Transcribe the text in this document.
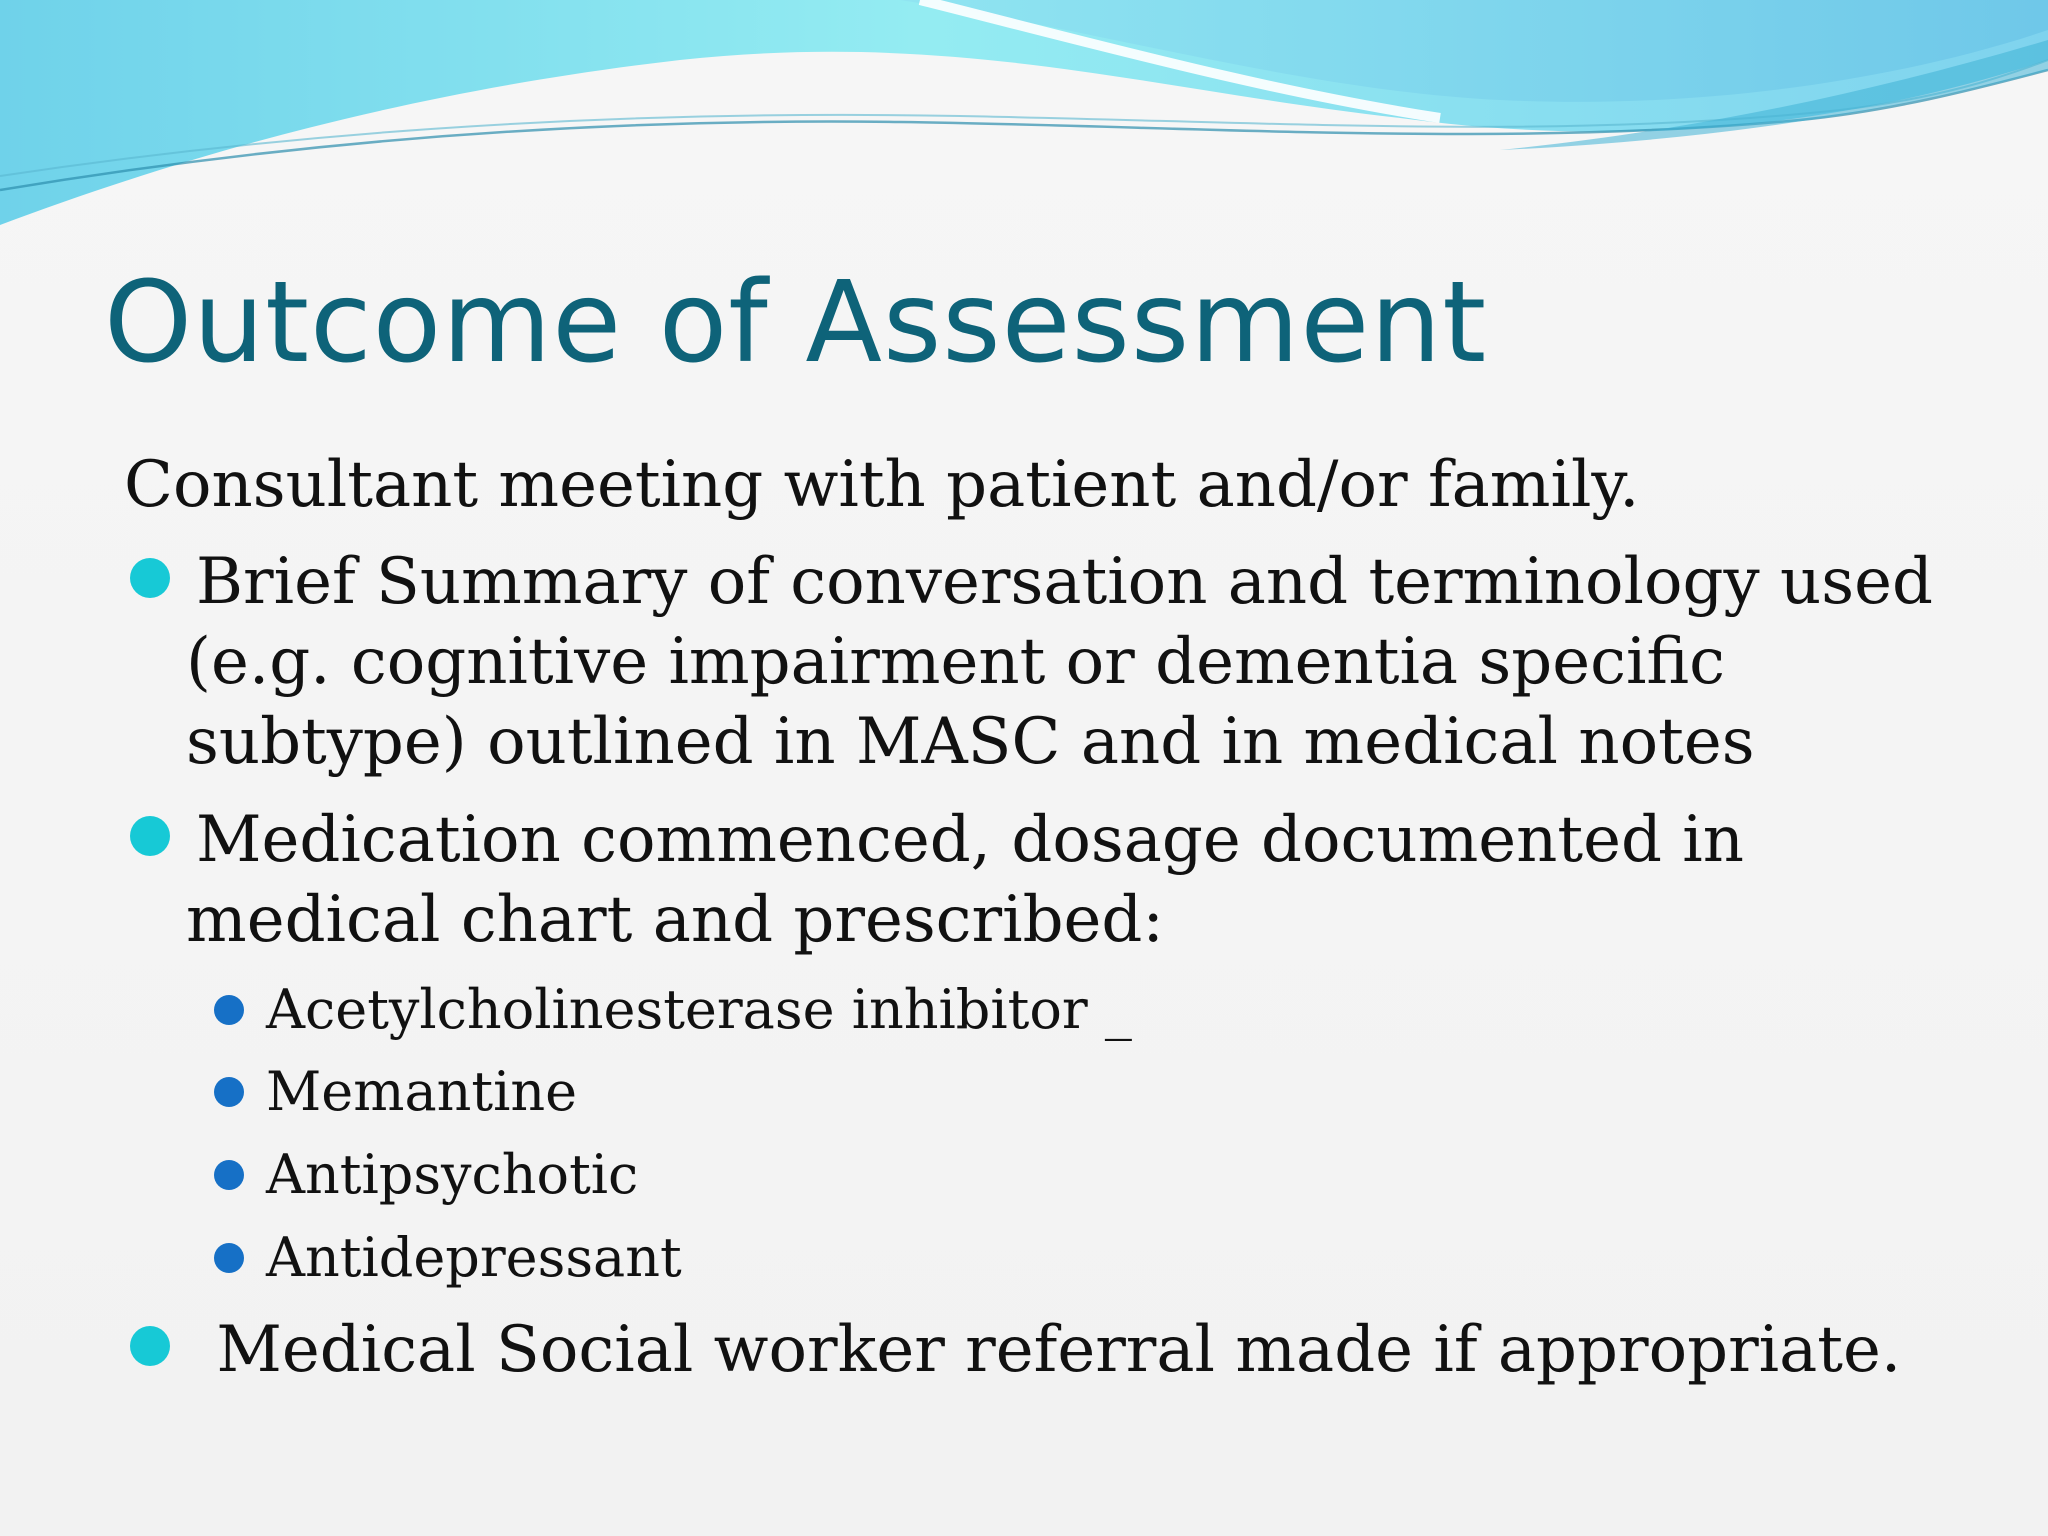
Outcome of Assessment
Consultant meeting with patient and/or family.
Brief Summary of conversation and terminology used
(e.g. cognitive impairment or dementia specific
subtype) outlined in MASC and in medical notes
Medication commenced, dosage documented in
medical chart and prescribed:
Acetylcholinesterase inhibitor _
Memantine
Antipsychotic
Antidepressant
Medical Social worker referral made if appropriate.
